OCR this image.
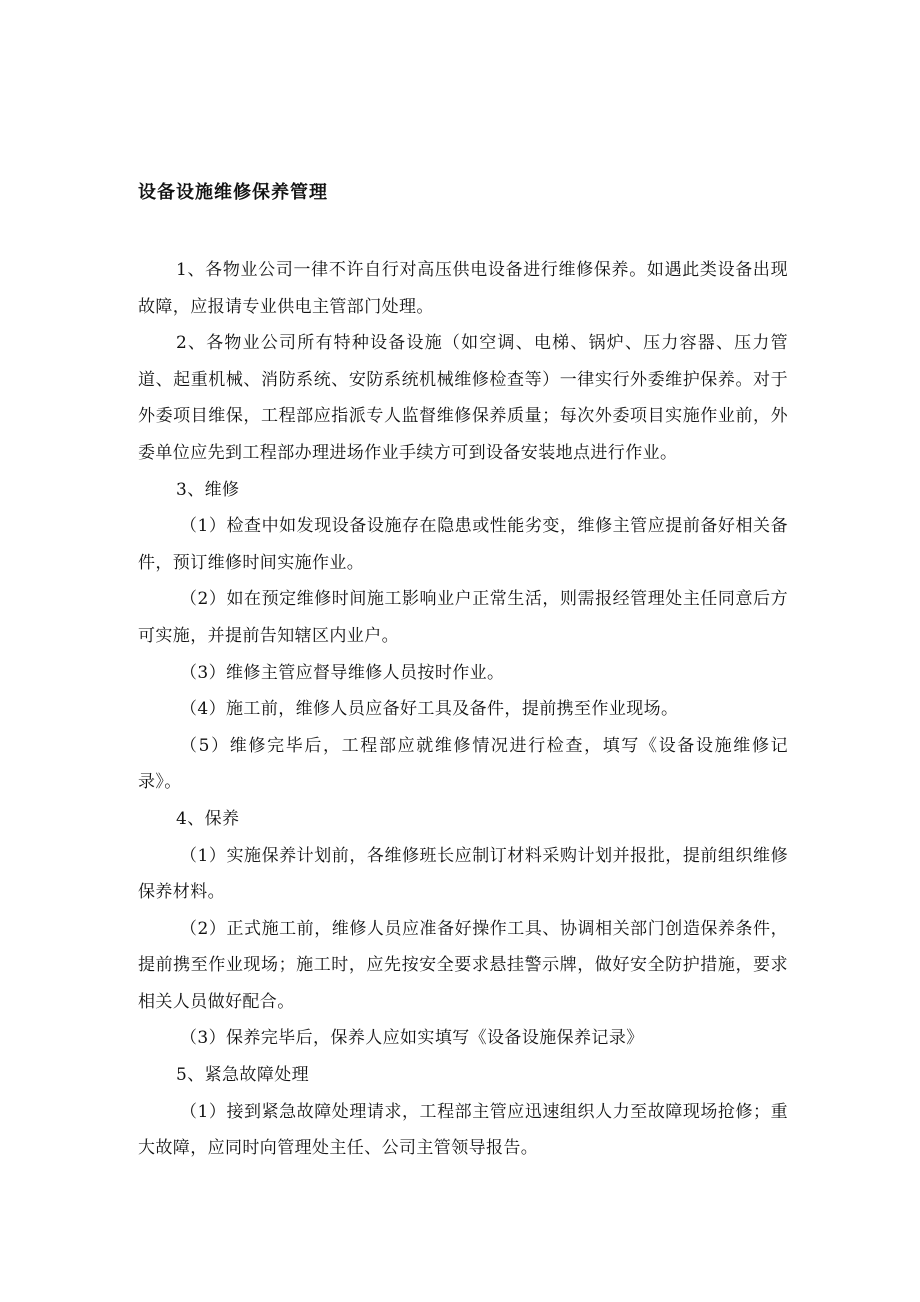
设备设施维修保养管理

1、各物业公司一律不许自行对高压供电设备进行维修保养。如遇此类设备出现故障，应报请专业供电主管部门处理。

2、各物业公司所有特种设备设施（如空调、电梯、锅炉、压力容器、压力管道、起重机械、消防系统、安防系统机械维修检查等）一律实行外委维护保养。对于外委项目维保，工程部应指派专人监督维修保养质量；每次外委项目实施作业前，外委单位应先到工程部办理进场作业手续方可到设备安装地点进行作业。

3、维修

（1）检查中如发现设备设施存在隐患或性能劣变，维修主管应提前备好相关备件，预订维修时间实施作业。

（2）如在预定维修时间施工影响业户正常生活，则需报经管理处主任同意后方可实施，并提前告知辖区内业户。

（3）维修主管应督导维修人员按时作业。

（4）施工前，维修人员应备好工具及备件，提前携至作业现场。

（5）维修完毕后，工程部应就维修情况进行检查，填写《设备设施维修记录》。

4、保养

（1）实施保养计划前，各维修班长应制订材料采购计划并报批，提前组织维修保养材料。

（2）正式施工前，维修人员应准备好操作工具、协调相关部门创造保养条件，提前携至作业现场；施工时，应先按安全要求悬挂警示牌，做好安全防护措施，要求相关人员做好配合。

（3）保养完毕后，保养人应如实填写《设备设施保养记录》

5、紧急故障处理

（1）接到紧急故障处理请求，工程部主管应迅速组织人力至故障现场抢修；重大故障，应同时向管理处主任、公司主管领导报告。
